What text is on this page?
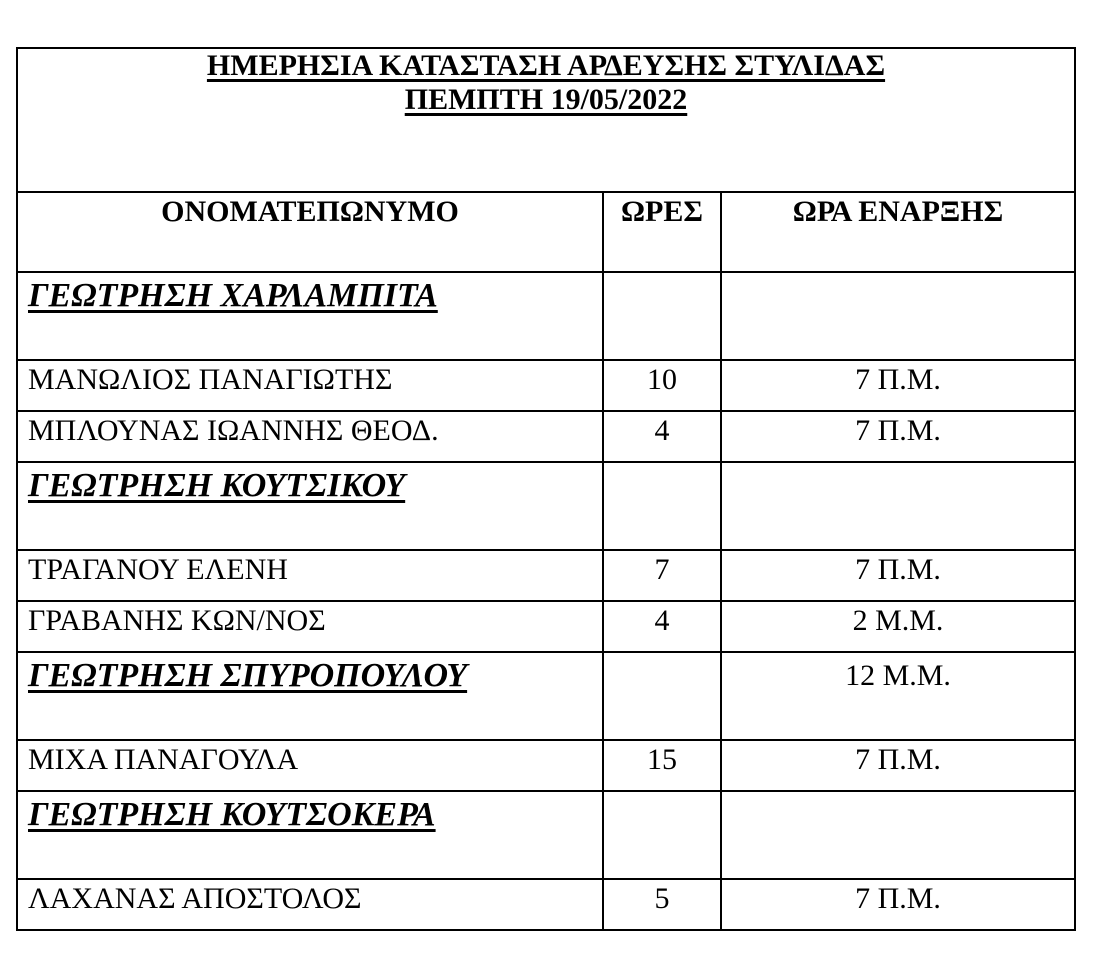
ΗΜΕΡΗΣΙΑ ΚΑΤΑΣΤΑΣΗ ΑΡΔΕΥΣΗΣ ΣΤΥΛΙΔΑΣ
ΠΕΜΠΤΗ 19/05/2022		
ΟΝΟΜΑΤΕΠΩΝΥΜΟ	ΩΡΕΣ	ΩΡΑ ΕΝΑΡΞΗΣ
ΓΕΩΤΡΗΣΗ ΧΑΡΛΑΜΠΙΤΑ		
ΜΑΝΩΛΙΟΣ ΠΑΝΑΓΙΩΤΗΣ	10	7 Π.Μ.
ΜΠΛΟΥΝΑΣ ΙΩΑΝΝΗΣ ΘΕΟΔ.	4	7 Π.Μ.
ΓΕΩΤΡΗΣΗ ΚΟΥΤΣΙΚΟΥ		
ΤΡΑΓΑΝΟΥ ΕΛΕΝΗ	7	7 Π.Μ.
ΓΡΑΒΑΝΗΣ ΚΩΝ/ΝΟΣ	4	2 Μ.Μ.
ΓΕΩΤΡΗΣΗ ΣΠΥΡΟΠΟΥΛΟΥ		12 Μ.Μ.
ΜΙΧΑ ΠΑΝΑΓΟΥΛΑ	15	7 Π.Μ.
ΓΕΩΤΡΗΣΗ ΚΟΥΤΣΟΚΕΡΑ		
ΛΑΧΑΝΑΣ ΑΠΟΣΤΟΛΟΣ	5	7 Π.Μ.
